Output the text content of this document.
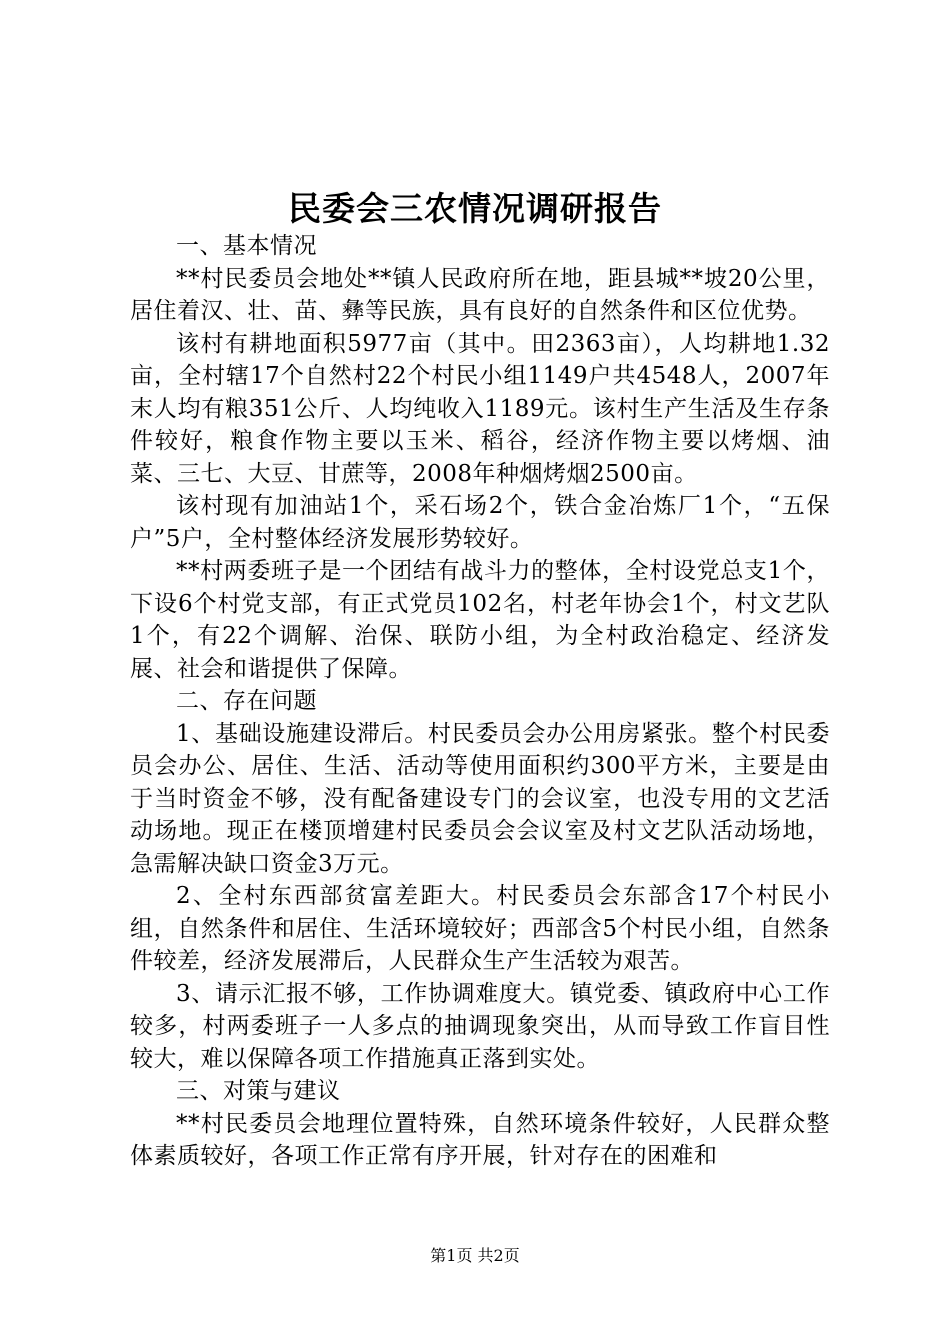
民委会三农情况调研报告

一、基本情况

**村民委员会地处**镇人民政府所在地，距县城**坡20公里，居住着汉、壮、苗、彝等民族，具有良好的自然条件和区位优势。

该村有耕地面积5977亩（其中。田2363亩），人均耕地1.32亩，全村辖17个自然村22个村民小组1149户共4548人，2007年末人均有粮351公斤、人均纯收入1189元。该村生产生活及生存条件较好，粮食作物主要以玉米、稻谷，经济作物主要以烤烟、油菜、三七、大豆、甘蔗等，2008年种烟烤烟2500亩。

该村现有加油站1个，采石场2个，铁合金冶炼厂1个，“五保户”5户，全村整体经济发展形势较好。

**村两委班子是一个团结有战斗力的整体，全村设党总支1个，下设6个村党支部，有正式党员102名，村老年协会1个，村文艺队1个，有22个调解、治保、联防小组，为全村政治稳定、经济发展、社会和谐提供了保障。

二、存在问题

1、基础设施建设滞后。村民委员会办公用房紧张。整个村民委员会办公、居住、生活、活动等使用面积约300平方米，主要是由于当时资金不够，没有配备建设专门的会议室，也没专用的文艺活动场地。现正在楼顶增建村民委员会会议室及村文艺队活动场地，急需解决缺口资金3万元。

2、全村东西部贫富差距大。村民委员会东部含17个村民小组，自然条件和居住、生活环境较好；西部含5个村民小组，自然条件较差，经济发展滞后，人民群众生产生活较为艰苦。

3、请示汇报不够，工作协调难度大。镇党委、镇政府中心工作较多，村两委班子一人多点的抽调现象突出，从而导致工作盲目性较大，难以保障各项工作措施真正落到实处。

三、对策与建议

**村民委员会地理位置特殊，自然环境条件较好，人民群众整体素质较好，各项工作正常有序开展，针对存在的困难和

第1页 共2页
